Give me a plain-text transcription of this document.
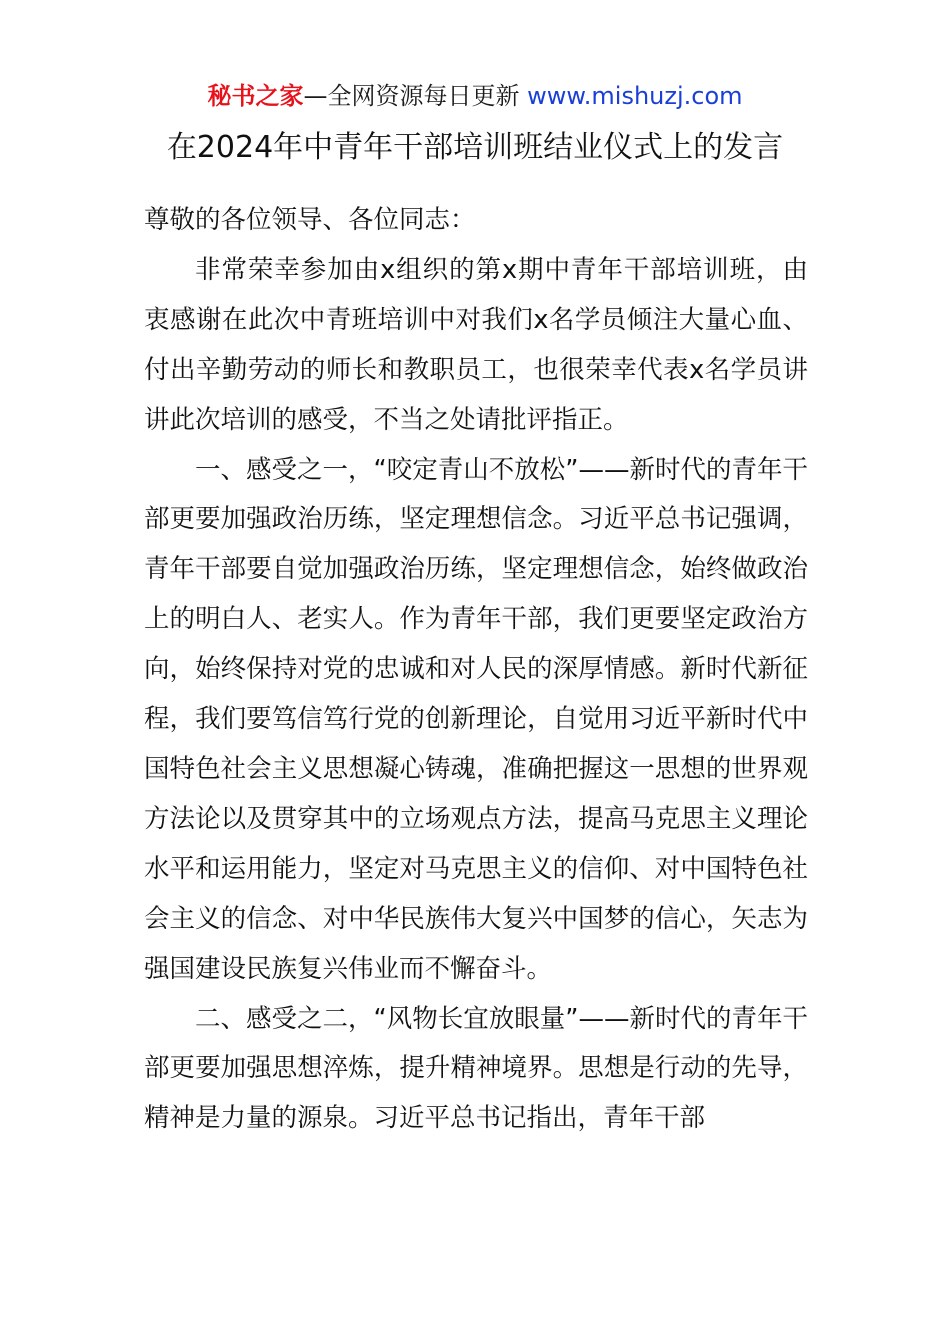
秘书之家—全网资源每日更新 www.mishuzj.com
在2024年中青年干部培训班结业仪式上的发言

尊敬的各位领导、各位同志：

非常荣幸参加由x组织的第x期中青年干部培训班，由衷感谢在此次中青班培训中对我们x名学员倾注大量心血、付出辛勤劳动的师长和教职员工，也很荣幸代表x名学员讲讲此次培训的感受，不当之处请批评指正。

一、感受之一，“咬定青山不放松”——新时代的青年干部更要加强政治历练，坚定理想信念。习近平总书记强调，青年干部要自觉加强政治历练，坚定理想信念，始终做政治上的明白人、老实人。作为青年干部，我们更要坚定政治方向，始终保持对党的忠诚和对人民的深厚情感。新时代新征程，我们要笃信笃行党的创新理论，自觉用习近平新时代中国特色社会主义思想凝心铸魂，准确把握这一思想的世界观方法论以及贯穿其中的立场观点方法，提高马克思主义理论水平和运用能力，坚定对马克思主义的信仰、对中国特色社会主义的信念、对中华民族伟大复兴中国梦的信心，矢志为强国建设民族复兴伟业而不懈奋斗。

二、感受之二，“风物长宜放眼量”——新时代的青年干部更要加强思想淬炼，提升精神境界。思想是行动的先导，精神是力量的源泉。习近平总书记指出，青年干部
